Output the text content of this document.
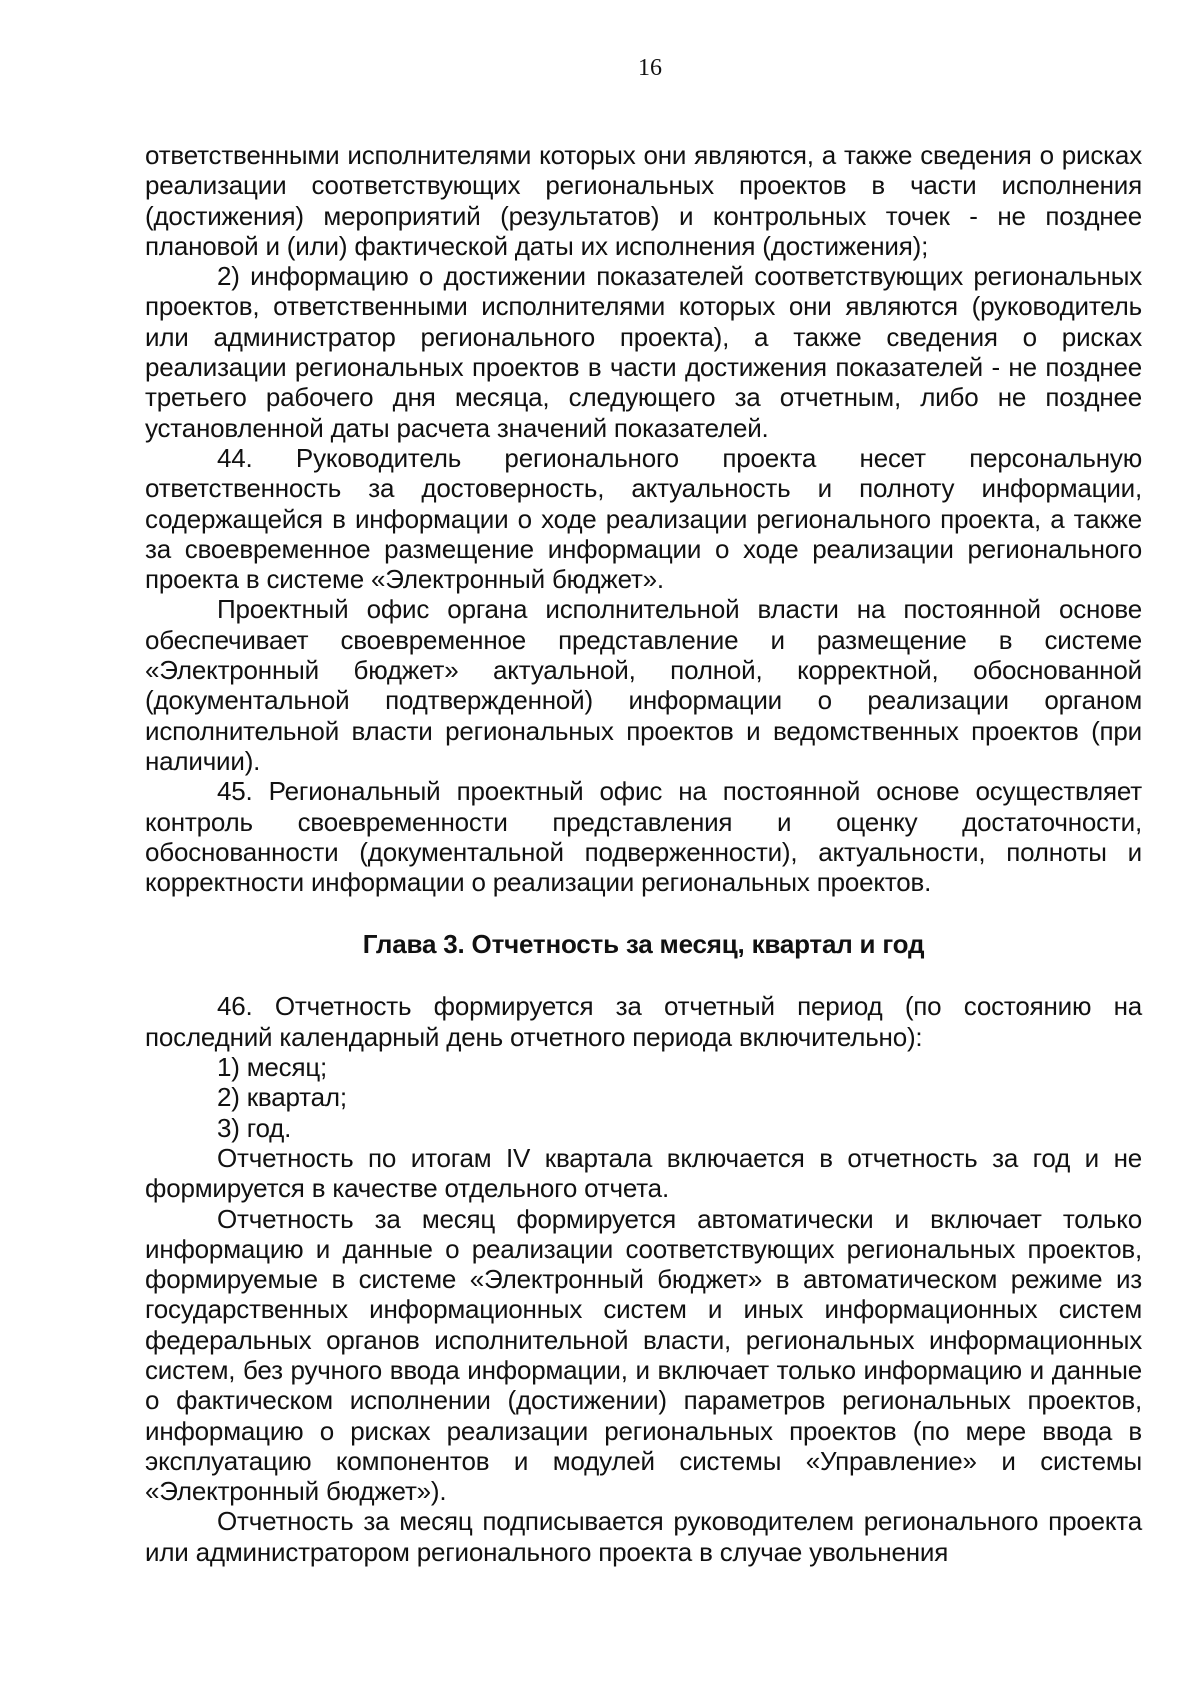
16

ответственными исполнителями которых они являются, а также сведения о рисках реализации соответствующих региональных проектов в части исполнения (достижения) мероприятий (результатов) и контрольных точек - не позднее плановой и (или) фактической даты их исполнения (достижения);

2) информацию о достижении показателей соответствующих региональных проектов, ответственными исполнителями которых они являются (руководитель или администратор регионального проекта), а также сведения о рисках реализации региональных проектов в части достижения показателей - не позднее третьего рабочего дня месяца, следующего за отчетным, либо не позднее установленной даты расчета значений показателей.

44. Руководитель регионального проекта несет персональную ответственность за достоверность, актуальность и полноту информации, содержащейся в информации о ходе реализации регионального проекта, а также за своевременное размещение информации о ходе реализации регионального проекта в системе «Электронный бюджет».

Проектный офис органа исполнительной власти на постоянной основе обеспечивает своевременное представление и размещение в системе «Электронный бюджет» актуальной, полной, корректной, обоснованной (документальной подтвержденной) информации о реализации органом исполнительной власти региональных проектов и ведомственных проектов (при наличии).

45. Региональный проектный офис на постоянной основе осуществляет контроль своевременности представления и оценку достаточности, обоснованности (документальной подверженности), актуальности, полноты и корректности информации о реализации региональных проектов.

Глава 3. Отчетность за месяц, квартал и год

46. Отчетность формируется за отчетный период (по состоянию на последний календарный день отчетного периода включительно):

1) месяц;

2) квартал;

3) год.

Отчетность по итогам IV квартала включается в отчетность за год и не формируется в качестве отдельного отчета.

Отчетность за месяц формируется автоматически и включает только информацию и данные о реализации соответствующих региональных проектов, формируемые в системе «Электронный бюджет» в автоматическом режиме из государственных информационных систем и иных информационных систем федеральных органов исполнительной власти, региональных информационных систем, без ручного ввода информации, и включает только информацию и данные о фактическом исполнении (достижении) параметров региональных проектов, информацию о рисках реализации региональных проектов (по мере ввода в эксплуатацию компонентов и модулей системы «Управление» и системы «Электронный бюджет»).

Отчетность за месяц подписывается руководителем регионального проекта или администратором регионального проекта в случае увольнения
